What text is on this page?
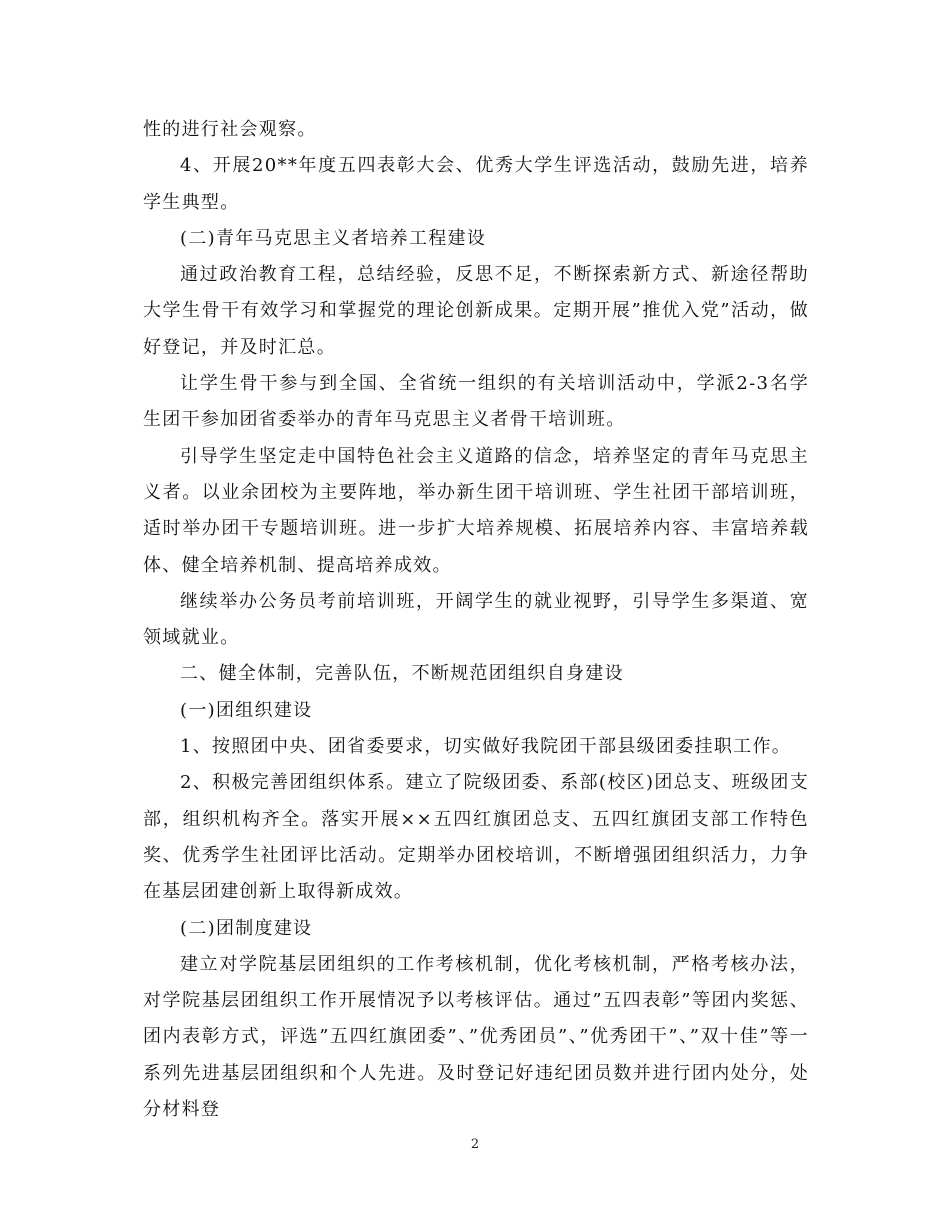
性的进行社会观察。

4、开展20**年度五四表彰大会、优秀大学生评选活动，鼓励先进，培养学生典型。

(二)青年马克思主义者培养工程建设

通过政治教育工程，总结经验，反思不足，不断探索新方式、新途径帮助大学生骨干有效学习和掌握党的理论创新成果。定期开展”推优入党”活动，做好登记，并及时汇总。

让学生骨干参与到全国、全省统一组织的有关培训活动中，学派2-3名学生团干参加团省委举办的青年马克思主义者骨干培训班。

引导学生坚定走中国特色社会主义道路的信念，培养坚定的青年马克思主义者。以业余团校为主要阵地，举办新生团干培训班、学生社团干部培训班，适时举办团干专题培训班。进一步扩大培养规模、拓展培养内容、丰富培养载体、健全培养机制、提高培养成效。

继续举办公务员考前培训班，开阔学生的就业视野，引导学生多渠道、宽领域就业。

二、健全体制，完善队伍，不断规范团组织自身建设

(一)团组织建设

1、按照团中央、团省委要求，切实做好我院团干部县级团委挂职工作。

2、积极完善团组织体系。建立了院级团委、系部(校区)团总支、班级团支部，组织机构齐全。落实开展××五四红旗团总支、五四红旗团支部工作特色奖、优秀学生社团评比活动。定期举办团校培训，不断增强团组织活力，力争在基层团建创新上取得新成效。

(二)团制度建设

建立对学院基层团组织的工作考核机制，优化考核机制，严格考核办法，对学院基层团组织工作开展情况予以考核评估。通过”五四表彰”等团内奖惩、团内表彰方式，评选”五四红旗团委”、”优秀团员”、”优秀团干”、”双十佳”等一系列先进基层团组织和个人先进。及时登记好违纪团员数并进行团内处分，处分材料登

2
